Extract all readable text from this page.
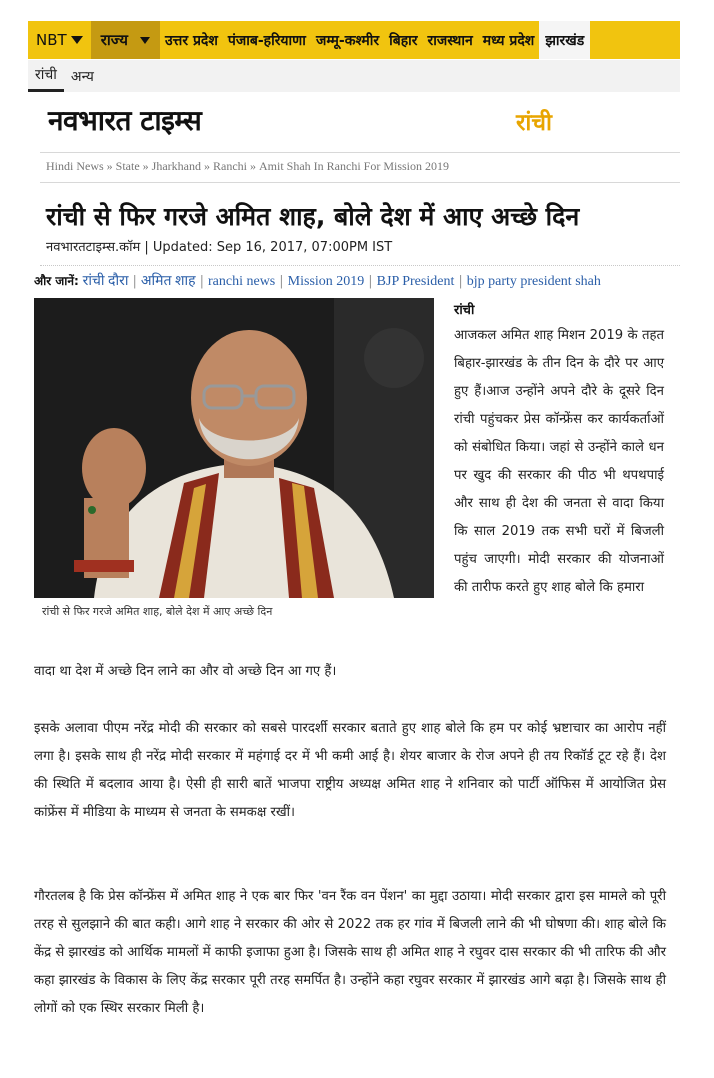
NBT राज्य	उत्तर प्रदेश पंजाब-हरियाणा जम्मू-कश्मीर बिहार राजस्थान मध्य प्रदेश झारखंड
रांची	अन्य
नवभारत टाइम्स	रांची
Hindi News » State » Jharkhand » Ranchi » Amit Shah In Ranchi For Mission 2019
रांची से फिर गरजे अमित शाह, बोले देश में आए अच्छे दिन
नवभारतटाइम्स.कॉम | Updated: Sep 16, 2017, 07:00PM IST
और जानें: रांची दौरा | अमित शाह | ranchi news | Mission 2019 | BJP President | bjp party president shah
रांची से फिर गरजे अमित शाह, बोले देश में आए अच्छे दिन
रांची

आजकल अमित शाह मिशन 2019 के तहत बिहार-झारखंड के तीन दिन के दौरे पर आए हुए हैं।आज उन्होंने अपने दौरे के दूसरे दिन रांची पहुंचकर प्रेस कॉन्फ्रेंस कर कार्यकर्ताओं को संबोधित किया। जहां से उन्होंने काले धन पर खुद की सरकार की पीठ भी थपथपाई और साथ ही देश की जनता से वादा किया कि साल 2019 तक सभी घरों में बिजली पहुंच जाएगी। मोदी सरकार की योजनाओं की तारीफ करते हुए शाह बोले कि हमारा

वादा था देश में अच्छे दिन लाने का और वो अच्छे दिन आ गए हैं।

इसके अलावा पीएम नरेंद्र मोदी की सरकार को सबसे पारदर्शी सरकार बताते हुए शाह बोले कि हम पर कोई भ्रष्टाचार का आरोप नहीं लगा है। इसके साथ ही नरेंद्र मोदी सरकार में महंगाई दर में भी कमी आई है। शेयर बाजार के रोज अपने ही तय रिकॉर्ड टूट रहे हैं। देश की स्थिति में बदलाव आया है। ऐसी ही सारी बातें भाजपा राष्ट्रीय अध्यक्ष अमित शाह ने शनिवार को पार्टी ऑफिस में आयोजित प्रेस कांफ्रेंस में मीडिया के माध्यम से जनता के समकक्ष रखीं।

गौरतलब है कि प्रेस कॉन्फ्रेंस में अमित शाह ने एक बार फिर 'वन रैंक वन पेंशन' का मुद्दा उठाया। मोदी सरकार द्वारा इस मामले को पूरी तरह से सुलझाने की बात कही। आगे शाह ने सरकार की ओर से 2022 तक हर गांव में बिजली लाने की भी घोषणा की। शाह बोले कि केंद्र से झारखंड को आर्थिक मामलों में काफी इजाफा हुआ है। जिसके साथ ही अमित शाह ने रघुवर दास सरकार की भी तारिफ की और कहा झारखंड के विकास के लिए केंद्र सरकार पूरी तरह समर्पित है। उन्होंने कहा रघुवर सरकार में झारखंड आगे बढ़ा है। जिसके साथ ही लोगों को एक स्थिर सरकार मिली है।
